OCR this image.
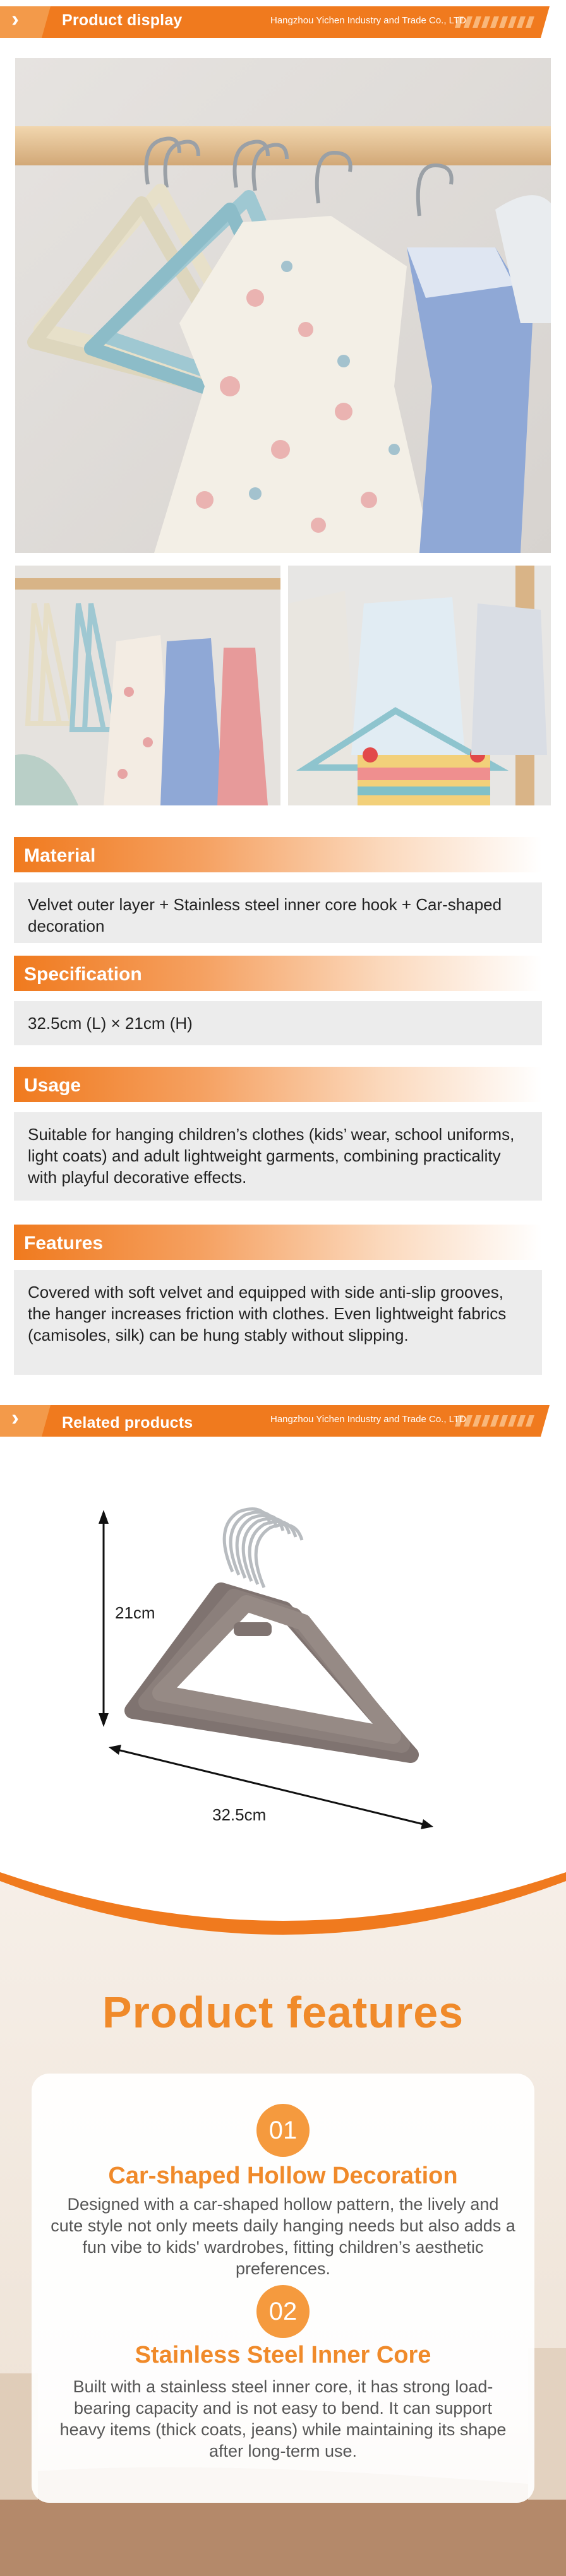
›	Product display	Hangzhou Yichen Industry and Trade Co., LTD
Material

Velvet outer layer + Stainless steel inner core hook + Car-shaped decoration

Specification

32.5cm (L) × 21cm (H)

Usage

Suitable for hanging children’s clothes (kids’ wear, school uniforms, light coats) and adult lightweight garments, combining practicality with playful decorative effects.

Features

Covered with soft velvet and equipped with side anti-slip grooves, the hanger increases friction with clothes. Even lightweight fabrics (camisoles, silk) can be hung stably without slipping.

›	Related products	Hangzhou Yichen Industry and Trade Co., LTD
21cm
32.5cm
Product features
01
Car-shaped Hollow Decoration
Designed with a car-shaped hollow pattern, the lively and cute style not only meets daily hanging needs but also adds a fun vibe to kids' wardrobes, fitting children’s aesthetic preferences.
02
Stainless Steel Inner Core
Built with a stainless steel inner core, it has strong load-bearing capacity and is not easy to bend. It can support heavy items (thick coats, jeans) while maintaining its shape after long-term use.
